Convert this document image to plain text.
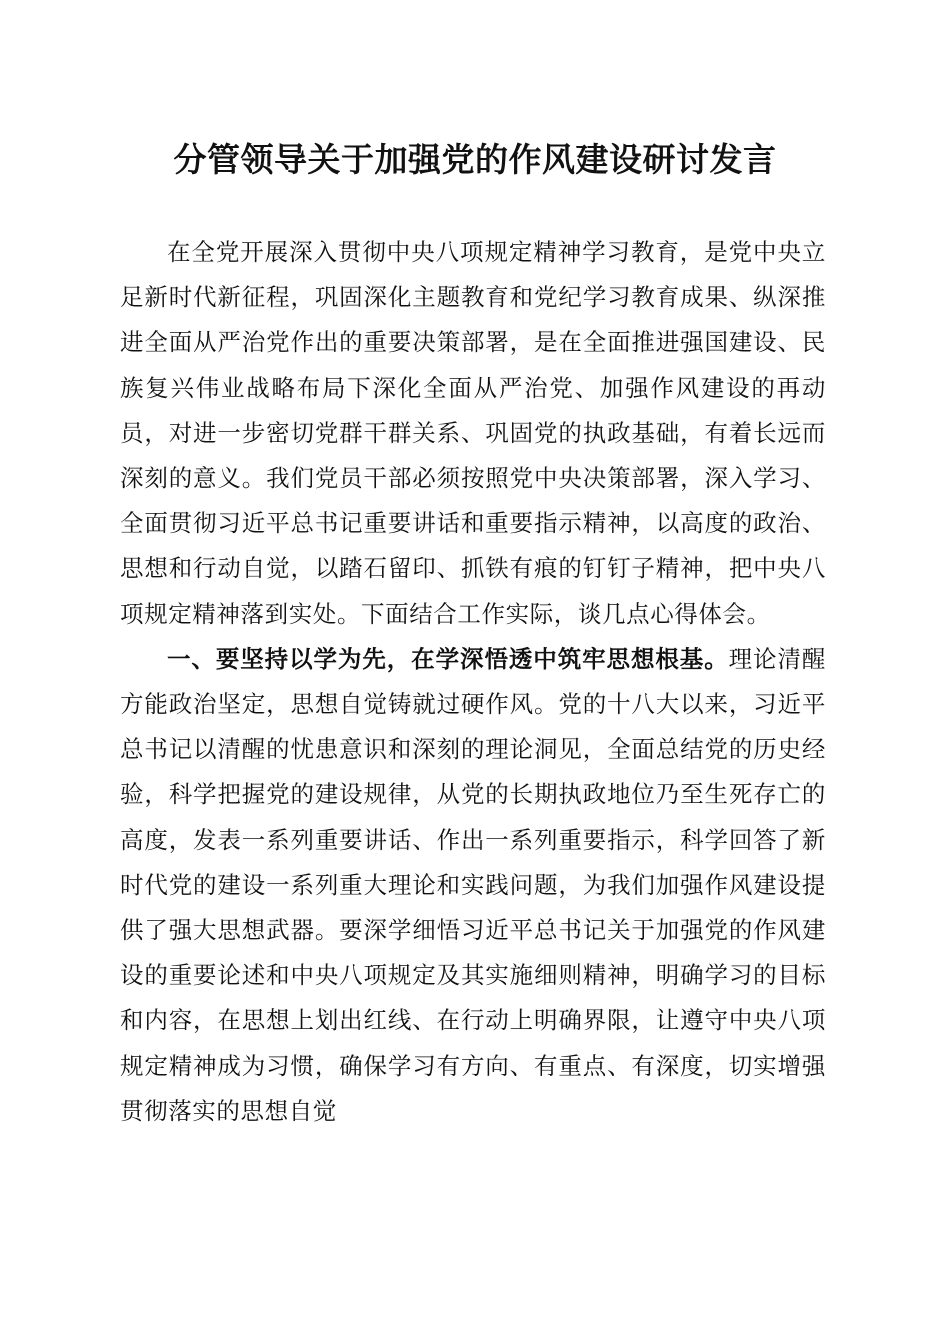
分管领导关于加强党的作风建设研讨发言

在全党开展深入贯彻中央八项规定精神学习教育，是党中央立足新时代新征程，巩固深化主题教育和党纪学习教育成果、纵深推进全面从严治党作出的重要决策部署，是在全面推进强国建设、民族复兴伟业战略布局下深化全面从严治党、加强作风建设的再动员，对进一步密切党群干群关系、巩固党的执政基础，有着长远而深刻的意义。我们党员干部必须按照党中央决策部署，深入学习、全面贯彻习近平总书记重要讲话和重要指示精神，以高度的政治、思想和行动自觉，以踏石留印、抓铁有痕的钉钉子精神，把中央八项规定精神落到实处。下面结合工作实际，谈几点心得体会。

一、要坚持以学为先，在学深悟透中筑牢思想根基。理论清醒方能政治坚定，思想自觉铸就过硬作风。党的十八大以来，习近平总书记以清醒的忧患意识和深刻的理论洞见，全面总结党的历史经验，科学把握党的建设规律，从党的长期执政地位乃至生死存亡的高度，发表一系列重要讲话、作出一系列重要指示，科学回答了新时代党的建设一系列重大理论和实践问题，为我们加强作风建设提供了强大思想武器。要深学细悟习近平总书记关于加强党的作风建设的重要论述和中央八项规定及其实施细则精神，明确学习的目标和内容，在思想上划出红线、在行动上明确界限，让遵守中央八项规定精神成为习惯，确保学习有方向、有重点、有深度，切实增强贯彻落实的思想自觉
